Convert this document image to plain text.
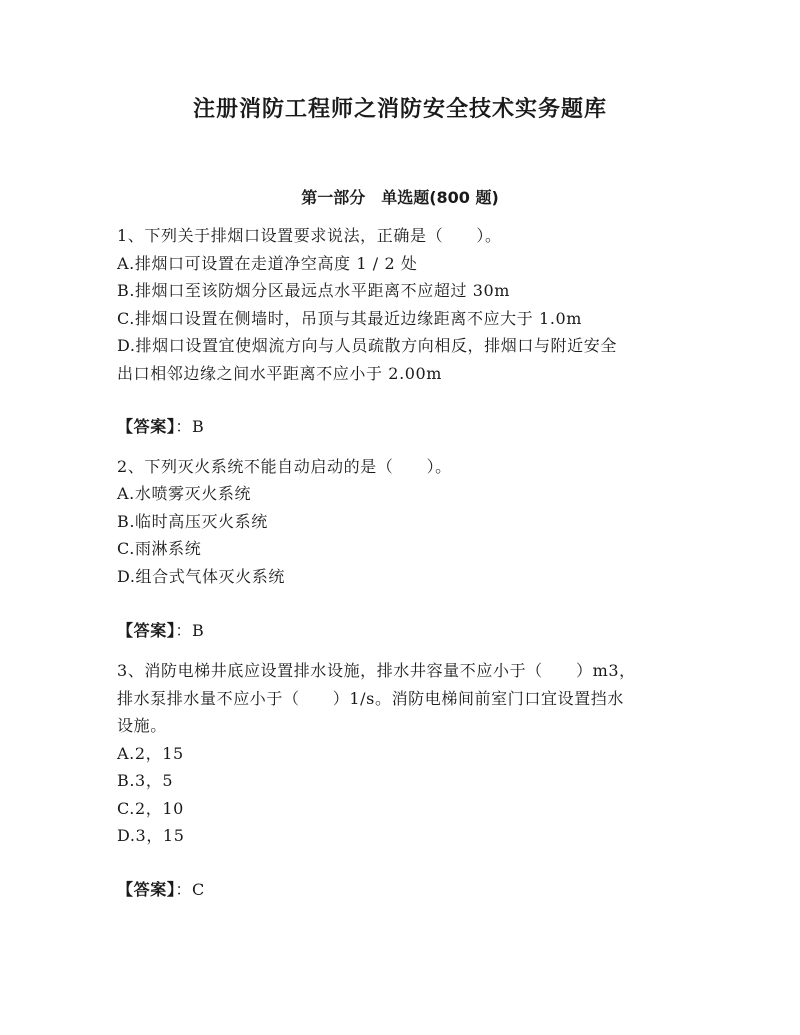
注册消防工程师之消防安全技术实务题库
第一部分　单选题(800 题)
1、下列关于排烟口设置要求说法，正确是（　　）。
A.排烟口可设置在走道净空高度 1 / 2 处
B.排烟口至该防烟分区最远点水平距离不应超过 30m
C.排烟口设置在侧墙时，吊顶与其最近边缘距离不应大于 1.0m
D.排烟口设置宜使烟流方向与人员疏散方向相反，排烟口与附近安全
出口相邻边缘之间水平距离不应小于 2.00m
【答案】：B
2、下列灭火系统不能自动启动的是（　　）。
A.水喷雾灭火系统
B.临时高压灭火系统
C.雨淋系统
D.组合式气体灭火系统
【答案】：B
3、消防电梯井底应设置排水设施，排水井容量不应小于（　　）m3，
排水泵排水量不应小于（　　）1/s。消防电梯间前室门口宜设置挡水
设施。
A.2，15
B.3，5
C.2，10
D.3，15
【答案】：C
